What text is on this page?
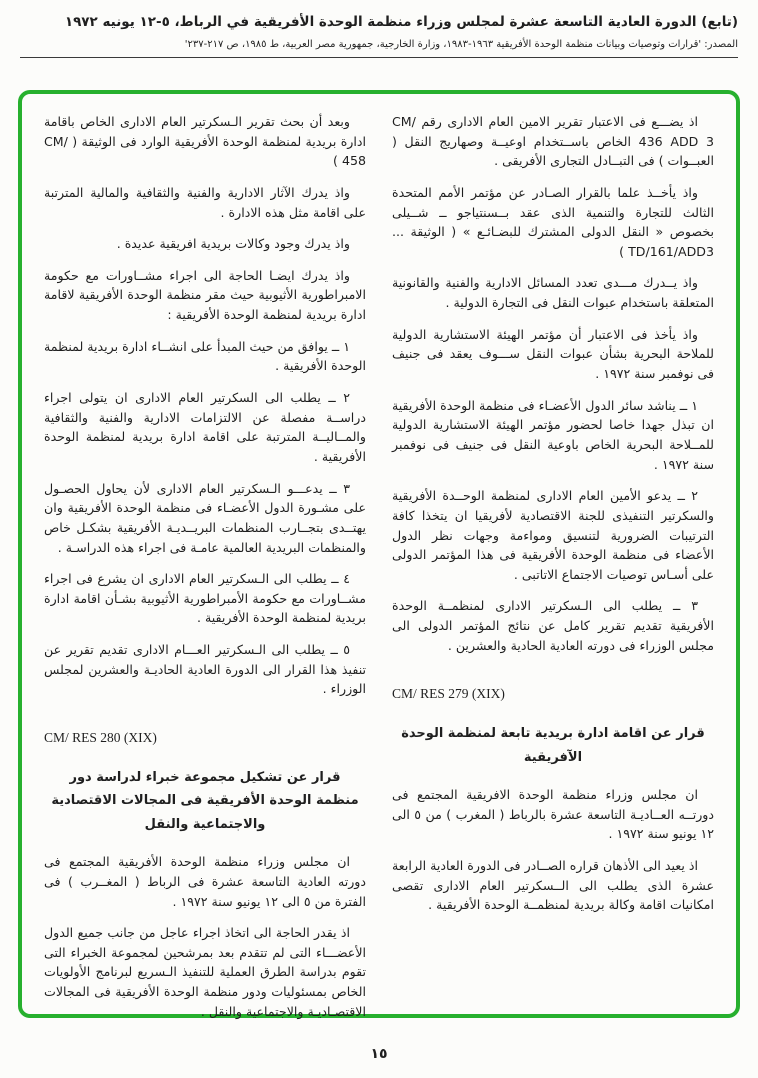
(تابع) الدورة العادية التاسعة عشرة لمجلس وزراء منظمة الوحدة الأفريقية في الرباط، ٥-١٢ يونيه ١٩٧٢
المصدر: 'قرارات وتوصيات وبيانات منظمة الوحدة الأفريقية ١٩٦٣-١٩٨٣، وزارة الخارجية، جمهورية مصر العربية، ط ١٩٨٥، ص ٢١٧-٢٣٧'

اذ يضـــع فى الاعتبار تقرير الامين العام الادارى رقم CM/ 436 ADD 3 الخاص باســتخدام اوعيــة وصهاريج النقل ( العبــوات ) فى التبــادل التجارى الأفريقى .

واذ يأخــذ علما بالقرار الصـادر عن مؤتمر الأمم المتحدة الثالث للتجارة والتنمية الذى عقد بــسنتياجو ــ شــيلى بخصوص « النقل الدولى المشترك للبضـائـع » ( الوثيقة ... TD/161/ADD3 )

واذ يــدرك مـــدى تعدد المسائل الادارية والفنية والقانونية المتعلقة باستخدام عبوات النقل فى التجارة الدولية .

واذ يأخذ فى الاعتبار أن مؤتمر الهيئة الاستشارية الدولية للملاحة البحرية بشأن عبوات النقل ســـوف يعقد فى جنيف فى نوفمبر سنة ١٩٧٢ .

١ ــ يناشد سائر الدول الأعضـاء فى منظمة الوحدة الأفريقية ان تبذل جهدا خاصا لحضور مؤتمر الهيئة الاستشارية الدولية للمــلاحة البحرية الخاص باوعية النقل فى جنيف فى نوفمبر سنة ١٩٧٢ .

٢ ــ يدعو الأمين العام الادارى لمنظمة الوحــدة الأفريقية والسكرتير التنفيذى للجنة الاقتصادية لأفريقيا ان يتخذا كافة الترتيبات الضرورية لتنسيق ومواءمة وجهات نظر الدول الأعضاء فى منظمة الوحدة الأفريقية فى هذا المؤتمر الدولى على أسـاس توصيات الاجتماع الاتاتبى .

٣ ــ يطلب الى الـسكرتير الادارى لمنظمــة الوحدة الأفريقية تقديم تقرير كامل عن نتائج المؤتمر الدولى الى مجلس الوزراء فى دورته العادية الحادية والعشرين .

CM/ RES 279 (XIX)

قرار عن اقامة ادارة بريدية تابعة لمنظمة الوحدة الآفريقية

ان مجلس وزراء منظمة الوحدة الافريقية المجتمع فى دورتــه العــاديـة التاسعة عشرة بالرباط ( المغرب ) من ٥ الى ١٢ يونيو سنة ١٩٧٢ .

اذ يعيد الى الأذهان قراره الصــادر فى الدورة العادية الرابعة عشرة الذى يطلب الى الــسكرتير العام الادارى تقصى امكانيات اقامة وكالة بريدية لمنظمــة الوحدة الأفريقية .

وبعد أن بحث تقرير الـسكرتير العام الادارى الخاص باقامة ادارة بريدية لمنظمة الوحدة الأفريقية الوارد فى الوثيقة ( CM/ 458 )

واذ يدرك الآثار الادارية والفنية والثقافية والمالية المترتبة على اقامة مثل هذه الادارة .

واذ يدرك وجود وكالات بريدية افريقية عديدة .

واذ يدرك ايضـا الحاجة الى اجراء مشــاورات مع حكومة الامبراطورية الأثيوبية حيث مقر منظمة الوحدة الأفريقية لاقامة ادارة بريدية لمنظمة الوحدة الأفريقية :

١ ــ يوافق من حيث المبدأ على انشــاء ادارة بريدية لمنظمة الوحدة الأفريقية .

٢ ــ يطلب الى السكرتير العام الادارى ان يتولى اجراء دراســة مفصلة عن الالتزامات الادارية والفنية والثقافية والمــاليــة المترتبة على اقامة ادارة بريدية لمنظمة الوحدة الأفريقية .

٣ ــ يدعـــو الـسكرتير العام الادارى لأن يحاول الحصـول على مشـورة الدول الأعضـاء فى منظمة الوحدة الأفريقية وان يهتــدى بتجــارب المنظمات البريــديـة الأفريقية بشكـل خاص والمنظمات البريدية العالمية عامـة فى اجراء هذه الدراسـة .

٤ ــ يطلب الى الـسكرتير العام الادارى ان يشرع فى اجراء مشــاورات مع حكومة الأمبراطورية الأثيوبية بشـأن اقامة ادارة بريدية لمنظمة الوحدة الأفريقية .

٥ ــ يطلب الى الـسكرتير العـــام الادارى تقديم تقرير عن تنفيذ هذا القرار الى الدورة العادية الحاديـة والعشرين لمجلس الوزراء .

CM/ RES 280 (XIX)

قرار عن تشكيل مجموعة خبراء لدراسة دور منظمة الوحدة الأفريقية فى المجالات الاقتصادية والاجتماعية والنقل

ان مجلس وزراء منظمة الوحدة الأفريقية المجتمع فى دورته العادية التاسعة عشرة فى الرباط ( المغــرب ) فى الفترة من ٥ الى ١٢ يونيو سنة ١٩٧٢ .

اذ يقدر الحاجة الى اتخاذ اجراء عاجل من جانب جميع الدول الأعضـــاء التى لم تتقدم بعد بمرشحين لمجموعة الخبراء التى تقوم بدراسة الطرق العملية للتنفيذ الـسريع لبرنامج الأولويات الخاص بمسئوليات ودور منظمة الوحدة الأفريقية فى المجالات الاقتصـاديـة والاجتماعية والنقل .

١٥
